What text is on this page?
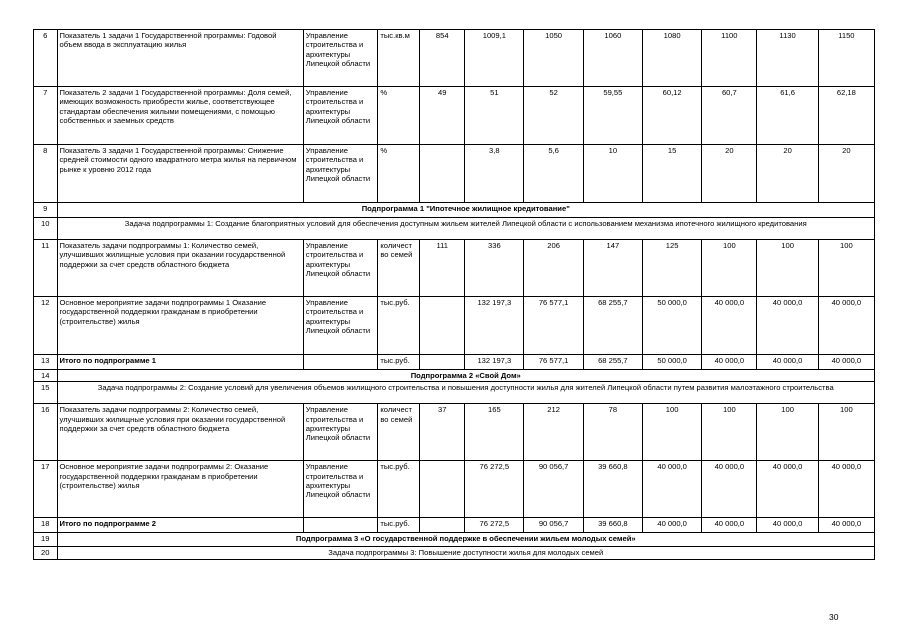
6	Показатель 1 задачи 1 Государственной программы: Годовой объем ввода в эксплуатацию жилья	Управление строительства и архитектуры Липецкой области	тыс.кв.м	854	1009,1	1050	1060	1080	1100	1130	1150
7	Показатель 2 задачи 1 Государственной программы: Доля семей, имеющих возможность приобрести жилье, соответствующее стандартам обеспечения жилыми помещениями, с помощью собственных и заемных средств	Управление строительства и архитектуры Липецкой области	%	49	51	52	59,55	60,12	60,7	61,6	62,18
8	Показатель 3 задачи 1 Государственной программы: Снижение средней стоимости одного квадратного метра жилья на первичном рынке к уровню 2012 года	Управление строительства и архитектуры Липецкой области	%		3,8	5,6	10	15	20	20	20
9	Подпрограмма 1 "Ипотечное жилищное кредитование"										
10	Задача подпрограммы 1: Создание благоприятных условий для обеспечения доступным жильем жителей Липецкой области с использованием механизма ипотечного жилищного кредитования										
11	Показатель задачи подпрограммы 1: Количество семей, улучшивших жилищные условия при оказании государственной поддержки за счет средств областного бюджета	Управление строительства и архитектуры Липецкой области	количест во семей	111	336	206	147	125	100	100	100
12	Основное мероприятие задачи подпрограммы 1 Оказание государственной поддержки гражданам в приобретении (строительстве) жилья	Управление строительства и архитектуры Липецкой области	тыс.руб.		132 197,3	76 577,1	68 255,7	50 000,0	40 000,0	40 000,0	40 000,0
13	Итого по подпрограмме 1		тыс.руб.		132 197,3	76 577,1	68 255,7	50 000,0	40 000,0	40 000,0	40 000,0
14	Подпрограмма 2 «Свой Дом»										
15	Задача подпрограммы 2: Создание условий для увеличения объемов жилищного строительства и повышения доступности жилья для жителей Липецкой области путем развития малоэтажного строительства										
16	Показатель задачи подпрограммы 2: Количество семей, улучшивших жилищные условия при оказании государственной поддержки за счет средств областного бюджета	Управление строительства и архитектуры Липецкой области	количест во семей	37	165	212	78	100	100	100	100
17	Основное мероприятие задачи подпрограммы 2: Оказание государственной поддержки гражданам в приобретении (строительстве) жилья	Управление строительства и архитектуры Липецкой области	тыс.руб.		76 272,5	90 056,7	39 660,8	40 000,0	40 000,0	40 000,0	40 000,0
18	Итого по подпрограмме 2		тыс.руб.		76 272,5	90 056,7	39 660,8	40 000,0	40 000,0	40 000,0	40 000,0
19	Подпрограмма 3 «О государственной поддержке в обеспечении жильем молодых семей»										
20	Задача подпрограммы 3: Повышение доступности жилья для молодых семей										
30
